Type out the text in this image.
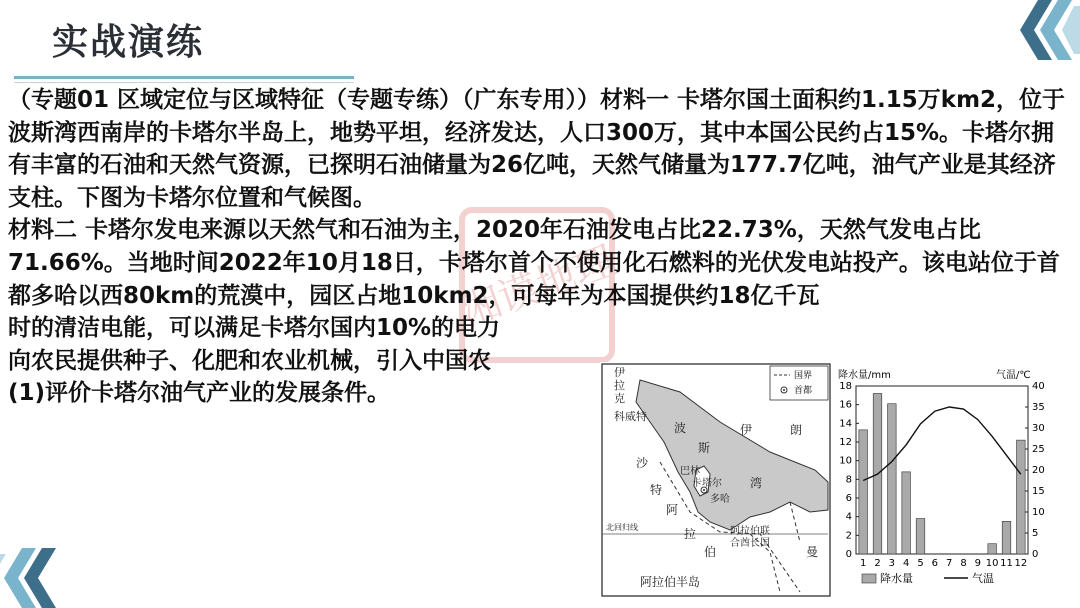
实战演练
湘谟地理

（专题01 区域定位与区域特征（专题专练）（广东专用））材料一 卡塔尔国土面积约1.15万km2，位于波斯湾西南岸的卡塔尔半岛上，地势平坦，经济发达，人口300万，其中本国公民约占15%。卡塔尔拥有丰富的石油和天然气资源，已探明石油储量为26亿吨，天然气储量为177.7亿吨，油气产业是其经济支柱。下图为卡塔尔位置和气候图。

材料二 卡塔尔发电来源以天然气和石油为主，2020年石油发电占比22.73%，天然气发电占比71.66%。当地时间2022年10月18日，卡塔尔首个不使用化石燃料的光伏发电站投产。该电站位于首都多哈以西80km的荒漠中，园区占地10km2，可每年为本国提供约18亿千瓦

时的清洁电能，可以满足卡塔尔国内10%的电力

向农民提供种子、化肥和农业机械，引入中国农

(1)评价卡塔尔油气产业的发展条件。

国界
首都
伊
拉
克
科威特
波
斯
湾
伊	朗
沙
特
阿
拉
伯
巴林
卡塔尔
多哈
阿拉伯联
合酋长国
曼
北回归线
阿拉伯半岛
降水量/mm	气温/℃
0
2
4
6
8
10
12
14
16
18
0
5
10
15
20
25
30
35
40
1 2 3 4 5 6 7 8 9 10 11 12
降水量	气温
